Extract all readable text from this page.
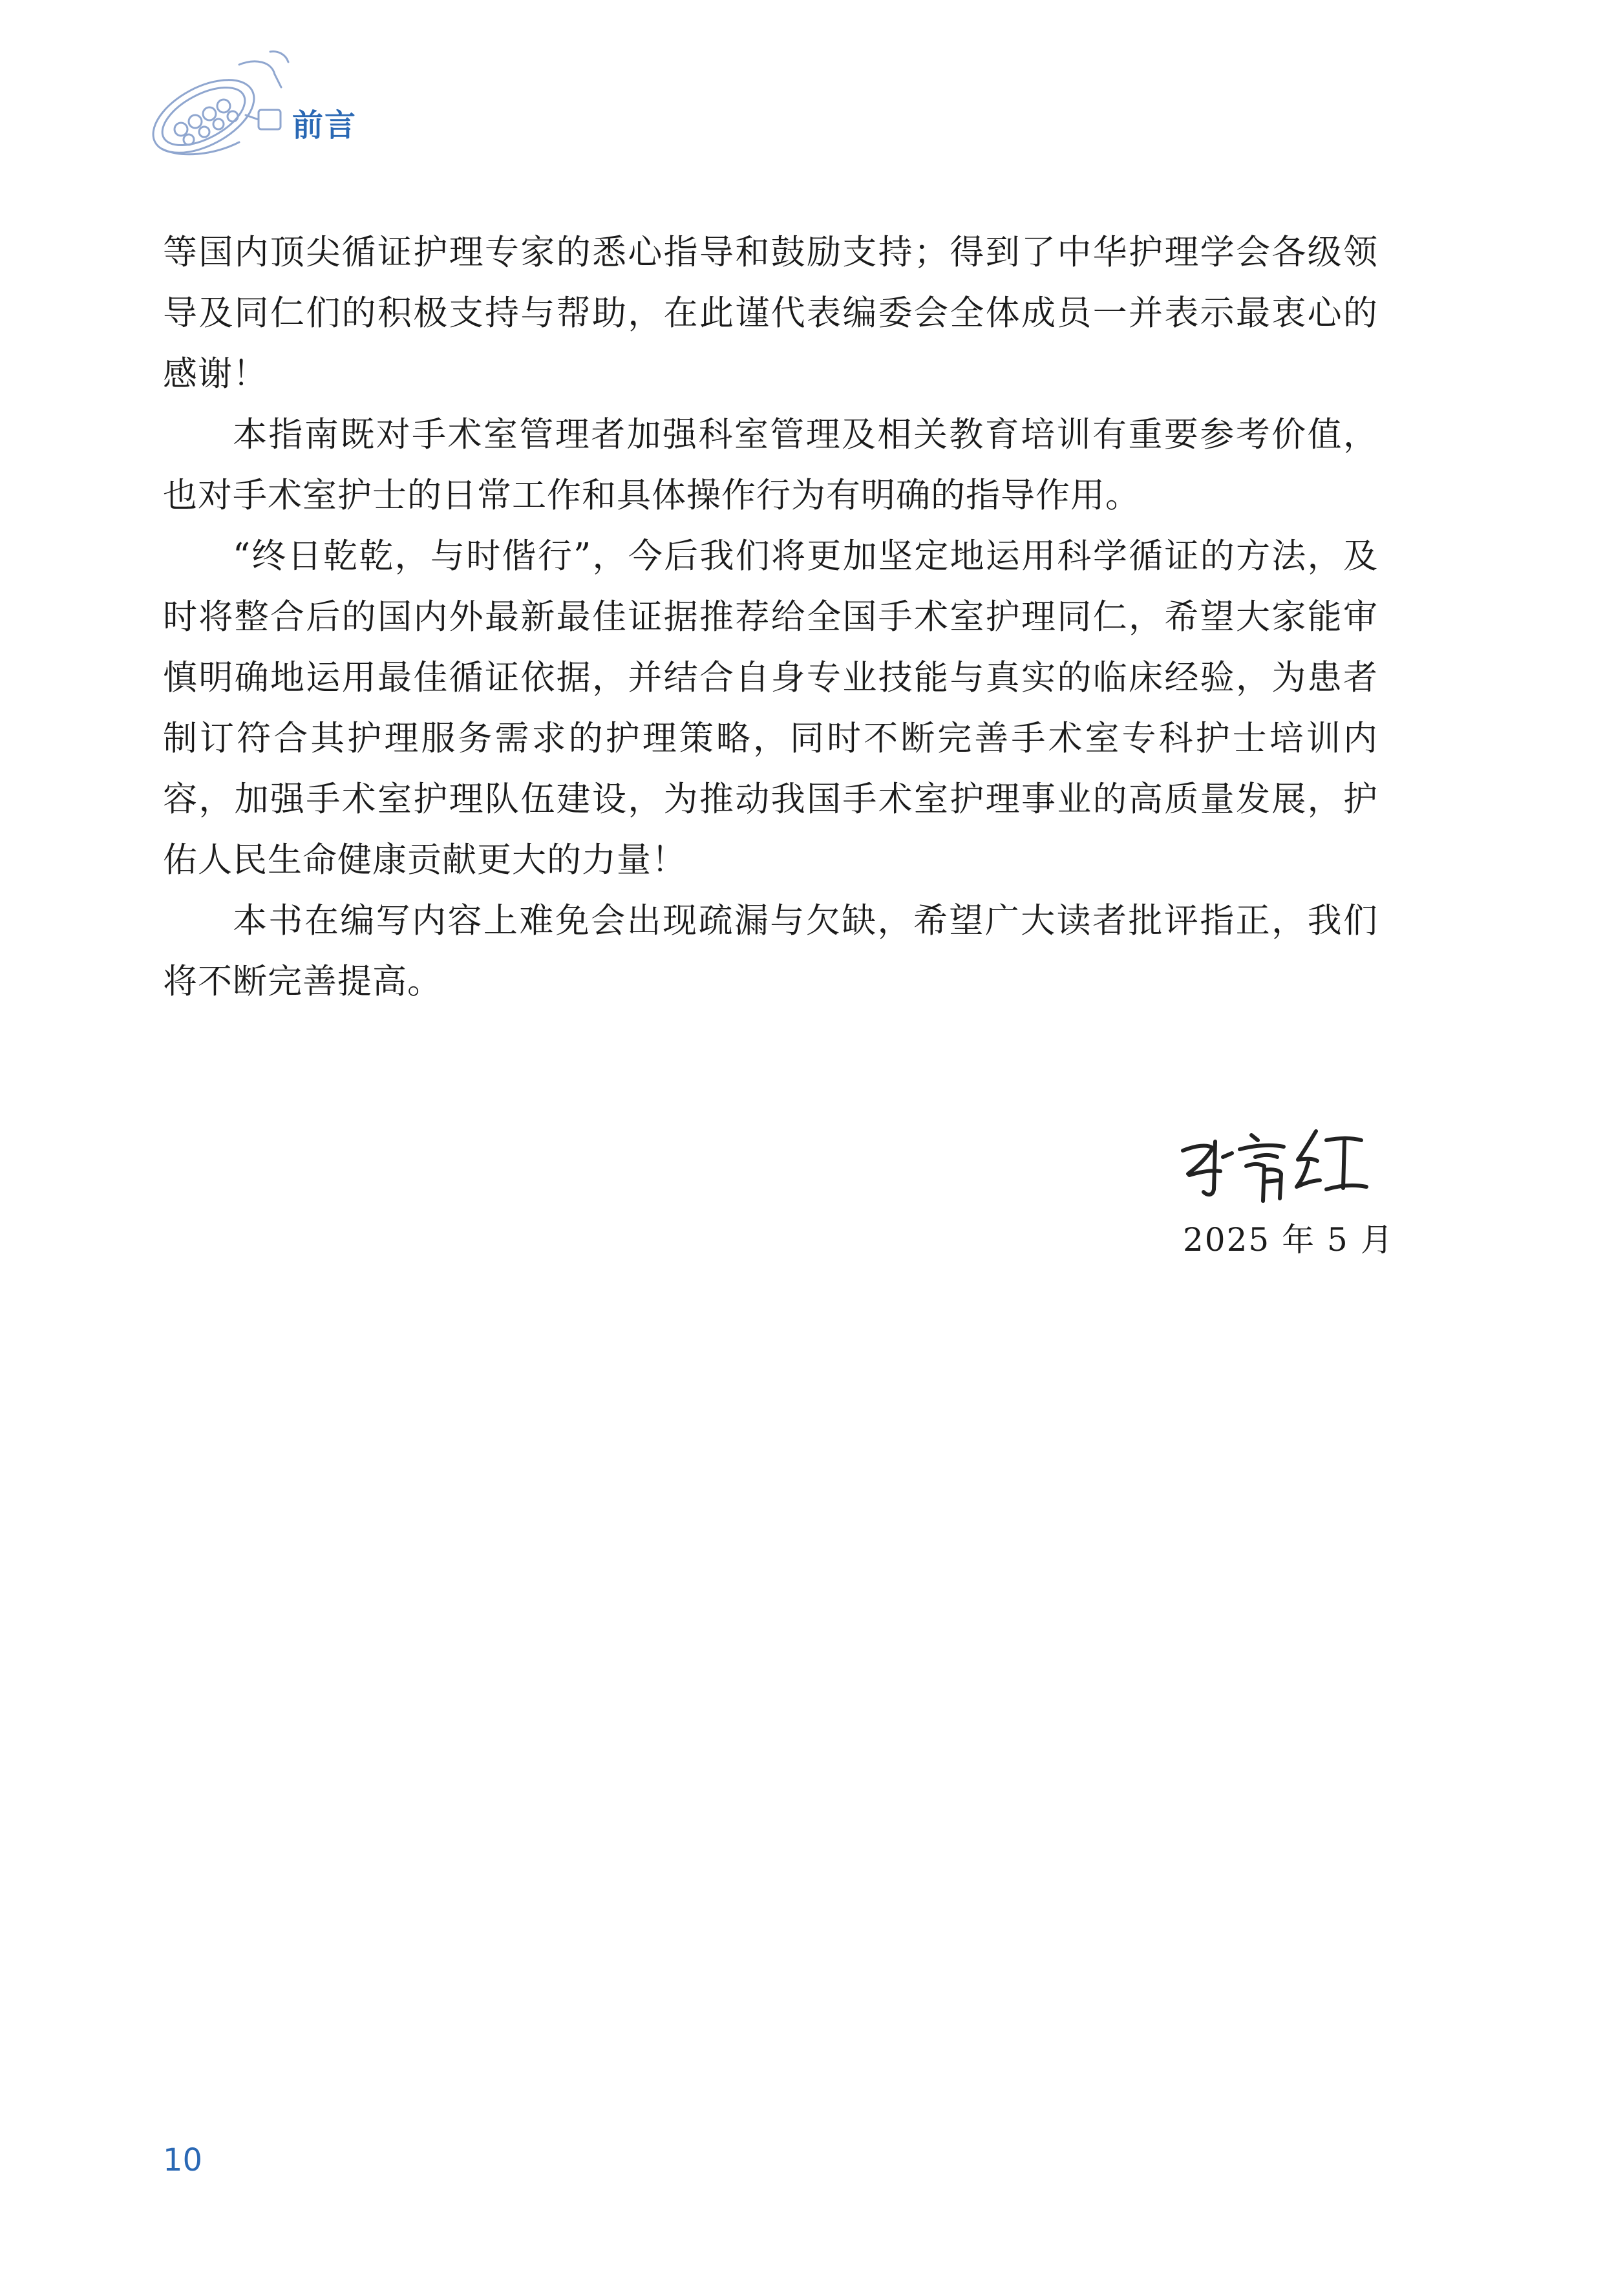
前言

等国内顶尖循证护理专家的悉心指导和鼓励支持；得到了中华护理学会各级领导及同仁们的积极支持与帮助，在此谨代表编委会全体成员一并表示最衷心的感谢！

本指南既对手术室管理者加强科室管理及相关教育培训有重要参考价值，也对手术室护士的日常工作和具体操作行为有明确的指导作用。

“终日乾乾，与时偕行”，今后我们将更加坚定地运用科学循证的方法，及时将整合后的国内外最新最佳证据推荐给全国手术室护理同仁，希望大家能审慎明确地运用最佳循证依据，并结合自身专业技能与真实的临床经验，为患者制订符合其护理服务需求的护理策略，同时不断完善手术室专科护士培训内容，加强手术室护理队伍建设，为推动我国手术室护理事业的高质量发展，护佑人民生命健康贡献更大的力量！

本书在编写内容上难免会出现疏漏与欠缺，希望广大读者批评指正，我们将不断完善提高。

2025 年 5 月
10
